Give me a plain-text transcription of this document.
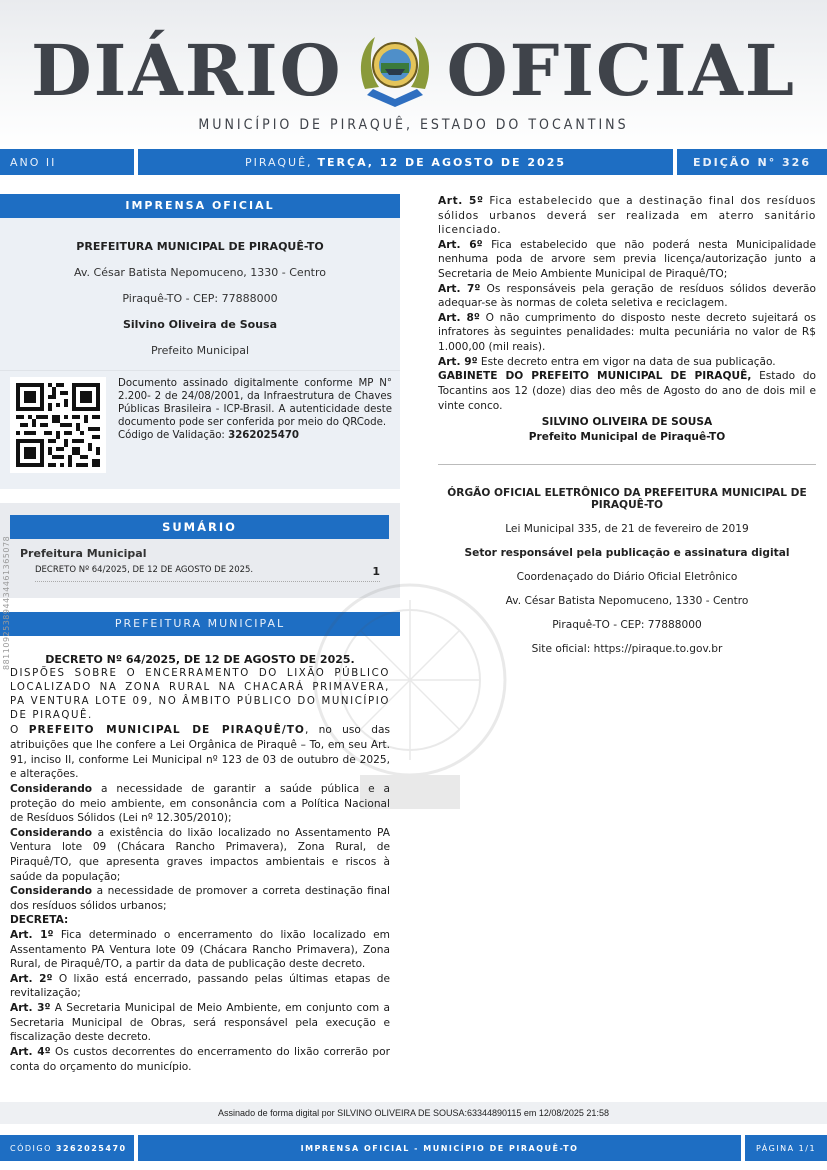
DIÁRIO OFICIAL
MUNICÍPIO DE PIRAQUÊ, ESTADO DO TOCANTINS
ANO II	PIRAQUÊ, TERÇA, 12 DE AGOSTO DE 2025	EDIÇÃO N° 326
IMPRENSA OFICIAL

PREFEITURA MUNICIPAL DE PIRAQUÊ-TO

Av. César Batista Nepomuceno, 1330 - Centro

Piraquê-TO - CEP: 77888000

Silvino Oliveira de Sousa

Prefeito Municipal

Documento assinado digitalmente conforme MP N° 2.200- 2 de 24/08/2001, da Infraestrutura de Chaves Públicas Brasileira - ICP-Brasil. A autenticidade deste documento pode ser conferida por meio do QRCode.
Código de Validação: 3262025470
SUMÁRIO
Prefeitura Municipal
DECRETO Nº 64/2025, DE 12 DE AGOSTO DE 2025.	1
PREFEITURA MUNICIPAL
DECRETO Nº 64/2025, DE 12 DE AGOSTO DE 2025.
DISPÕES SOBRE O ENCERRAMENTO DO LIXÃO PÚBLICO LOCALIZADO NA ZONA RURAL NA CHACARÁ PRIMAVERA, PA VENTURA LOTE 09, NO ÂMBITO PÚBLICO DO MUNICÍPIO DE PIRAQUÊ.

O PREFEITO MUNICIPAL DE PIRAQUÊ/TO, no uso das atribuições que lhe confere a Lei Orgânica de Piraquê – To, em seu Art. 91, inciso II, conforme Lei Municipal nº 123 de 03 de outubro de 2025, e alterações.

Considerando a necessidade de garantir a saúde pública e a proteção do meio ambiente, em consonância com a Política Nacional de Resíduos Sólidos (Lei nº 12.305/2010);

Considerando a existência do lixão localizado no Assentamento PA Ventura lote 09 (Chácara Rancho Primavera), Zona Rural, de Piraquê/TO, que apresenta graves impactos ambientais e riscos à saúde da população;

Considerando a necessidade de promover a correta destinação final dos resíduos sólidos urbanos;

DECRETA:

Art. 1º Fica determinado o encerramento do lixão localizado em Assentamento PA Ventura lote 09 (Chácara Rancho Primavera), Zona Rural, de Piraquê/TO, a partir da data de publicação deste decreto.

Art. 2º O lixão está encerrado, passando pelas últimas etapas de revitalização;

Art. 3º A Secretaria Municipal de Meio Ambiente, em conjunto com a Secretaria Municipal de Obras, será responsável pela execução e fiscalização deste decreto.

Art. 4º Os custos decorrentes do encerramento do lixão correrão por conta do orçamento do município.

881109253894434461365078

Art. 5º Fica estabelecido que a destinação final dos resíduos sólidos urbanos deverá ser realizada em aterro sanitário licenciado.

Art. 6º Fica estabelecido que não poderá nesta Municipalidade nenhuma poda de arvore sem previa licença/autorização junto a Secretaria de Meio Ambiente Municipal de Piraquê/TO;

Art. 7º Os responsáveis pela geração de resíduos sólidos deverão adequar-se às normas de coleta seletiva e reciclagem.

Art. 8º O não cumprimento do disposto neste decreto sujeitará os infratores às seguintes penalidades: multa pecuniária no valor de R$ 1.000,00 (mil reais).

Art. 9º Este decreto entra em vigor na data de sua publicação.

GABINETE DO PREFEITO MUNICIPAL DE PIRAQUÊ, Estado do Tocantins aos 12 (doze) dias deo mês de Agosto do ano de dois mil e vinte conco.

SILVINO OLIVEIRA DE SOUSA
Prefeito Municipal de Piraquê-TO

ÓRGÃO OFICIAL ELETRÔNICO DA PREFEITURA MUNICIPAL DE PIRAQUÊ-TO

Lei Municipal 335, de 21 de fevereiro de 2019

Setor responsável pela publicação e assinatura digital

Coordenaçado do Diário Oficial Eletrônico

Av. César Batista Nepomuceno, 1330 - Centro

Piraquê-TO - CEP: 77888000

Site oficial: https://piraque.to.gov.br

Assinado de forma digital por SILVINO OLIVEIRA DE SOUSA:63344890115 em 12/08/2025 21:58
CÓDIGO 3262025470	IMPRENSA OFICIAL - MUNICÍPIO DE PIRAQUÊ-TO	PÁGINA 1/1
